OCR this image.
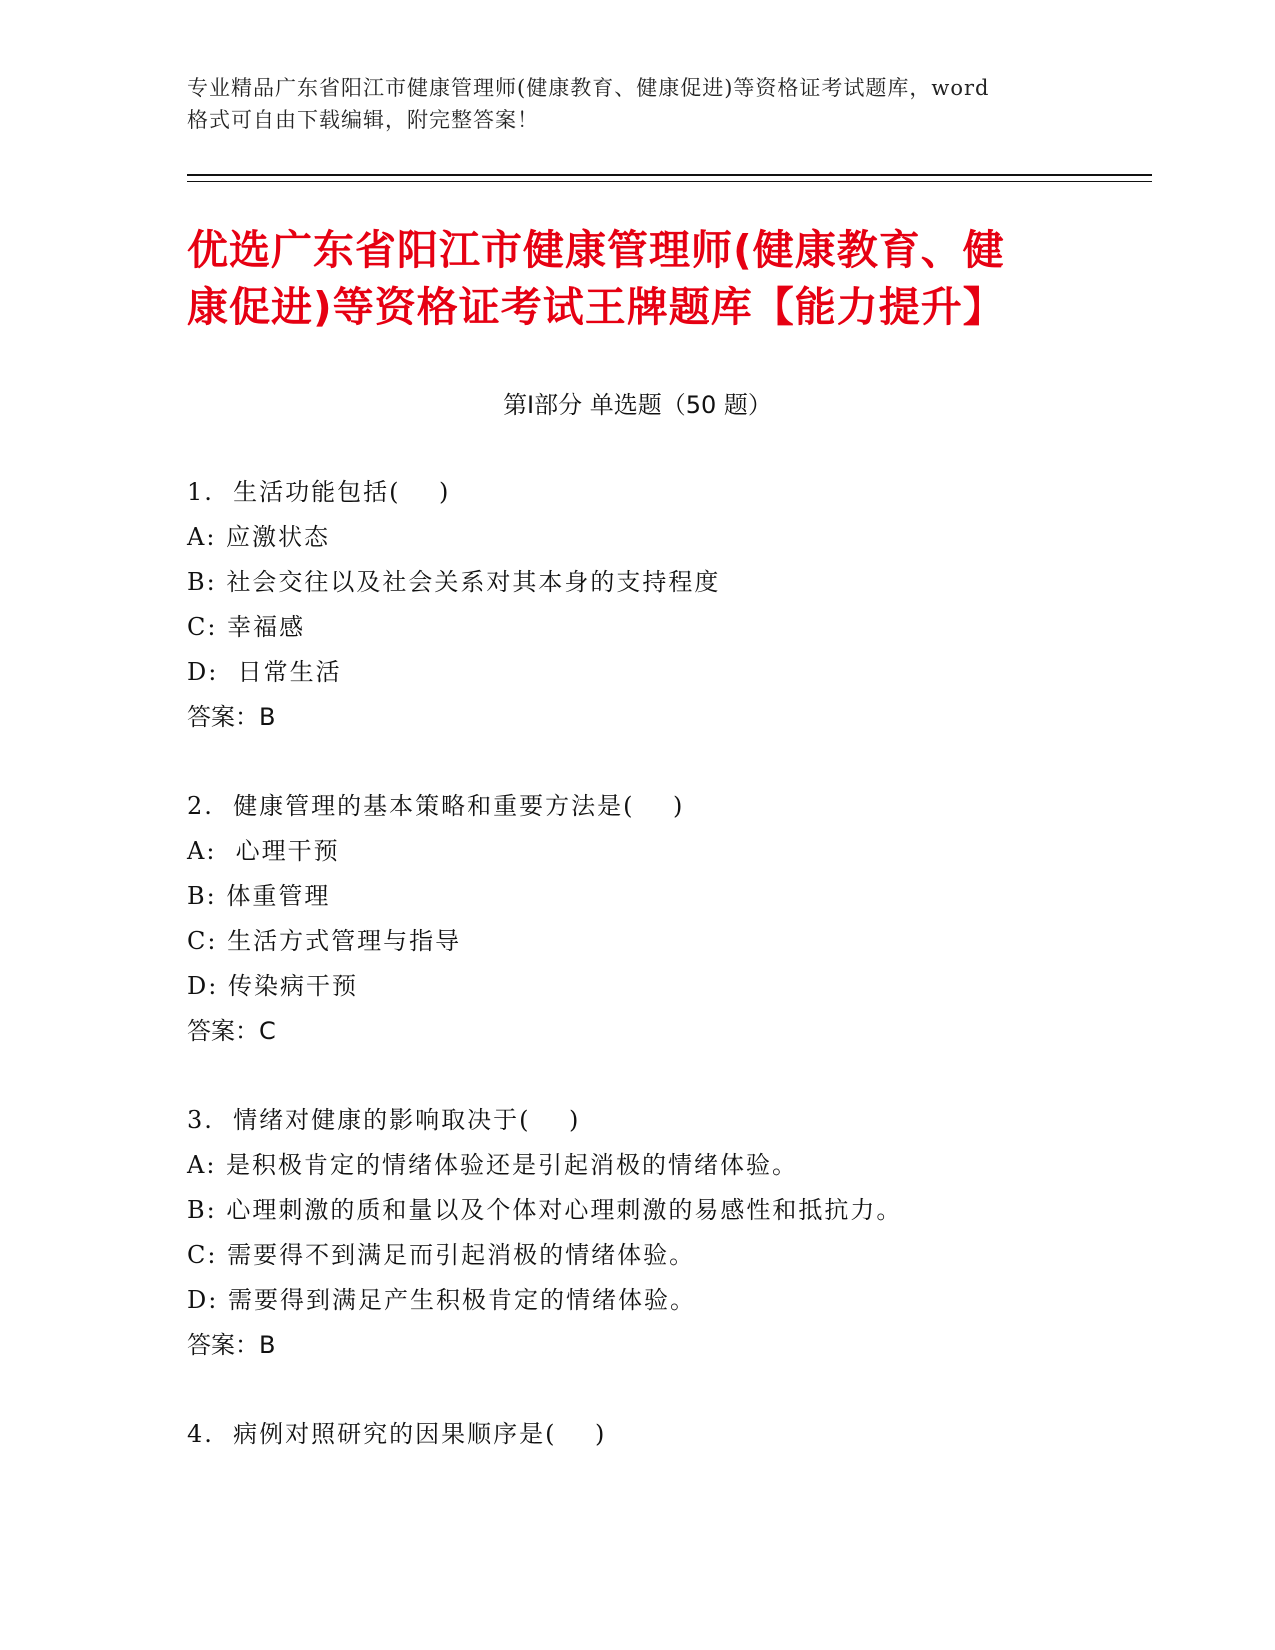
专业精品广东省阳江市健康管理师(健康教育、健康促进)等资格证考试题库，word
格式可自由下载编辑，附完整答案！
优选广东省阳江市健康管理师(健康教育、健
康促进)等资格证考试王牌题库【能力提升】
第Ⅰ部分 单选题（50 题）
1.  生活功能包括(    )
A: 应激状态
B: 社会交往以及社会关系对其本身的支持程度
C: 幸福感
D:  日常生活
答案：B
2.  健康管理的基本策略和重要方法是(    )
A:  心理干预
B: 体重管理
C: 生活方式管理与指导
D: 传染病干预
答案：C
3.  情绪对健康的影响取决于(    )
A: 是积极肯定的情绪体验还是引起消极的情绪体验。
B: 心理刺激的质和量以及个体对心理刺激的易感性和抵抗力。
C: 需要得不到满足而引起消极的情绪体验。
D: 需要得到满足产生积极肯定的情绪体验。
答案：B
4.  病例对照研究的因果顺序是(    )
